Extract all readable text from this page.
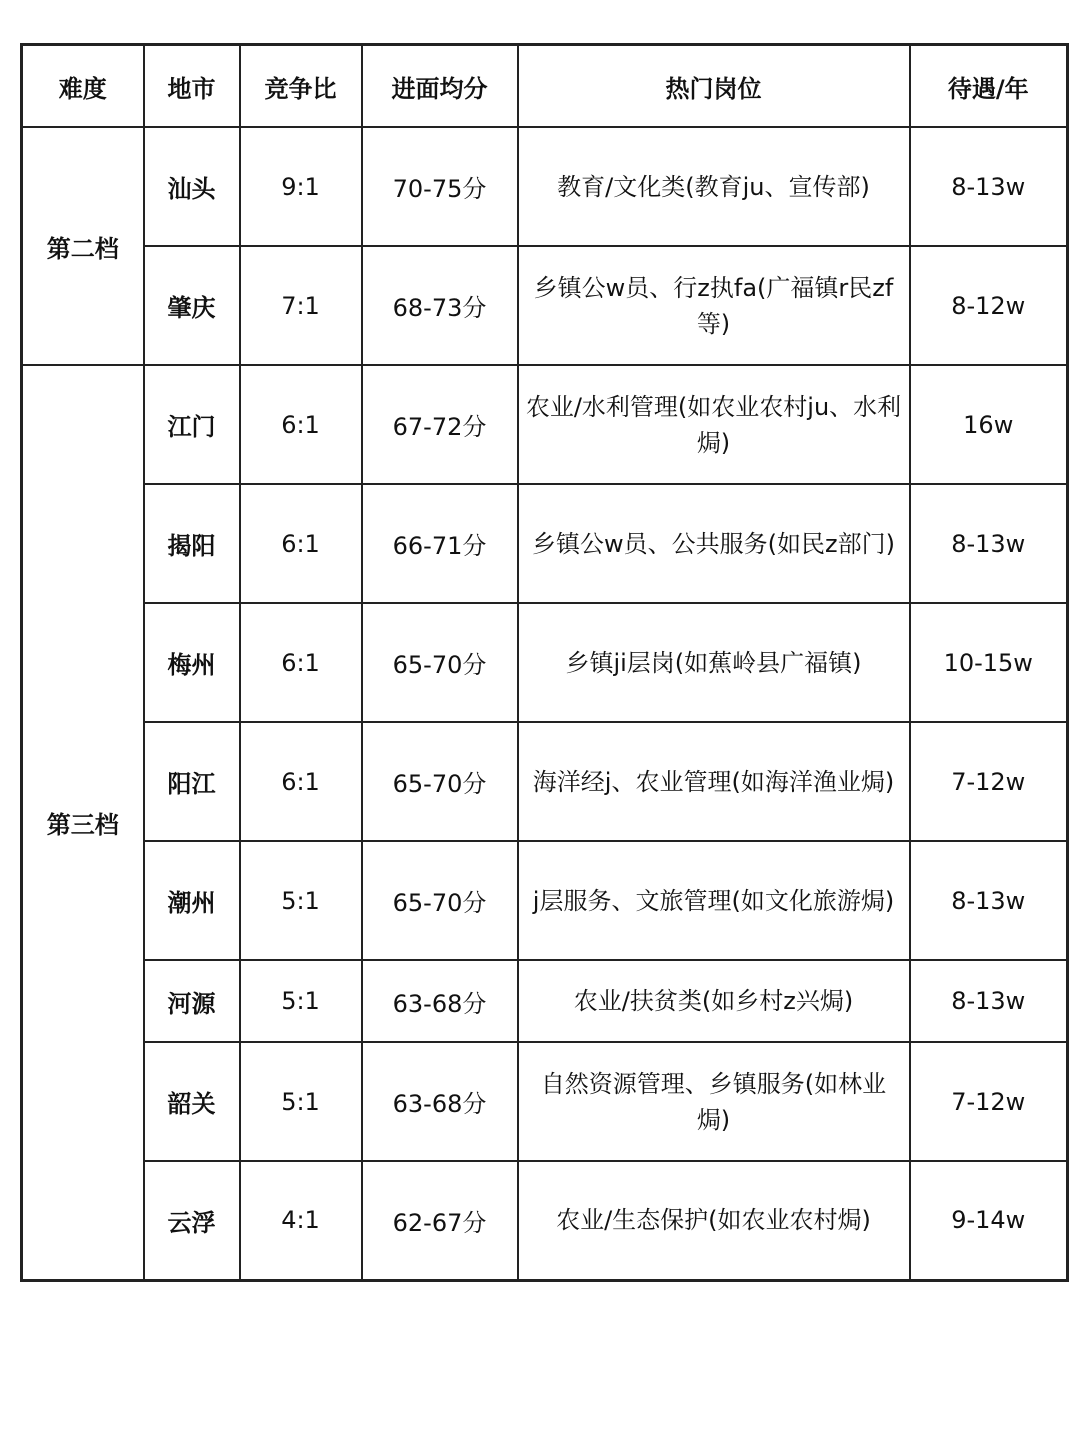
难度	地市	竞争比	进面均分	热门岗位	待遇/年
第二档	汕头	9:1	70-75分	教育/文化类(教育ju、宣传部)	8-13w
	肇庆	7:1	68-73分	乡镇公w员、行z执fa(广福镇r民zf等)	8-12w
第三档	江门	6:1	67-72分	农业/水利管理(如农业农村ju、水利焗)	16w
	揭阳	6:1	66-71分	乡镇公w员、公共服务(如民z部门)	8-13w
	梅州	6:1	65-70分	乡镇ji层岗(如蕉岭县广福镇)	10-15w
	阳江	6:1	65-70分	海洋经j、农业管理(如海洋渔业焗)	7-12w
	潮州	5:1	65-70分	j层服务、文旅管理(如文化旅游焗)	8-13w
	河源	5:1	63-68分	农业/扶贫类(如乡村z兴焗)	8-13w
	韶关	5:1	63-68分	自然资源管理、乡镇服务(如林业焗)	7-12w
	云浮	4:1	62-67分	农业/生态保护(如农业农村焗)	9-14w
